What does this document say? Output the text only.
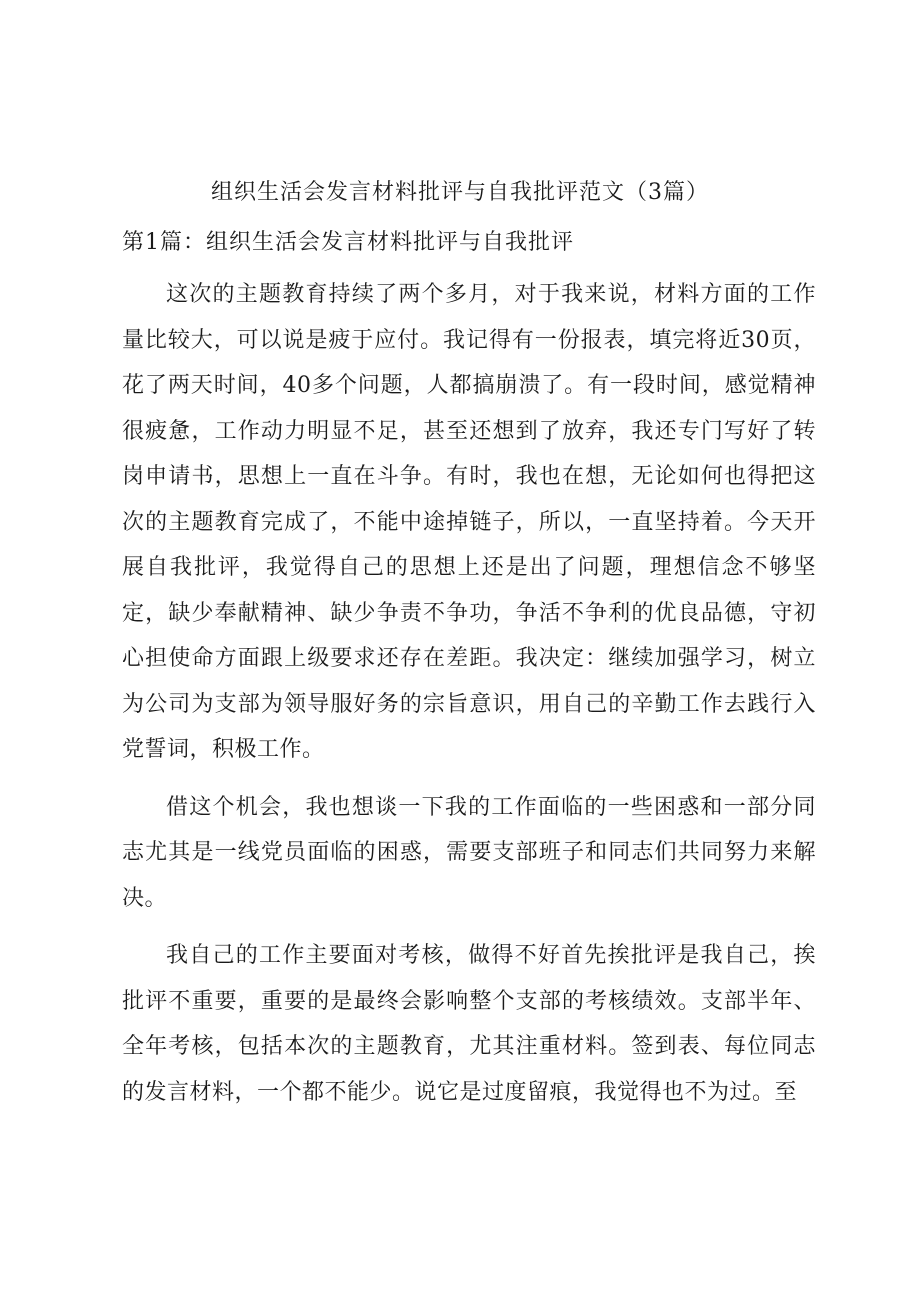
组织生活会发言材料批评与自我批评范文（3篇）
第1篇：组织生活会发言材料批评与自我批评

这次的主题教育持续了两个多月，对于我来说，材料方面的工作量比较大，可以说是疲于应付。我记得有一份报表，填完将近30页，花了两天时间，40多个问题，人都搞崩溃了。有一段时间，感觉精神很疲惫，工作动力明显不足，甚至还想到了放弃，我还专门写好了转岗申请书，思想上一直在斗争。有时，我也在想，无论如何也得把这次的主题教育完成了，不能中途掉链子，所以，一直坚持着。今天开展自我批评，我觉得自己的思想上还是出了问题，理想信念不够坚定，缺少奉献精神、缺少争责不争功，争活不争利的优良品德，守初心担使命方面跟上级要求还存在差距。我决定：继续加强学习，树立为公司为支部为领导服好务的宗旨意识，用自己的辛勤工作去践行入党誓词，积极工作。

借这个机会，我也想谈一下我的工作面临的一些困惑和一部分同志尤其是一线党员面临的困惑，需要支部班子和同志们共同努力来解决。

我自己的工作主要面对考核，做得不好首先挨批评是我自己，挨批评不重要，重要的是最终会影响整个支部的考核绩效。支部半年、全年考核，包括本次的主题教育，尤其注重材料。签到表、每位同志的发言材料，一个都不能少。说它是过度留痕，我觉得也不为过。至
